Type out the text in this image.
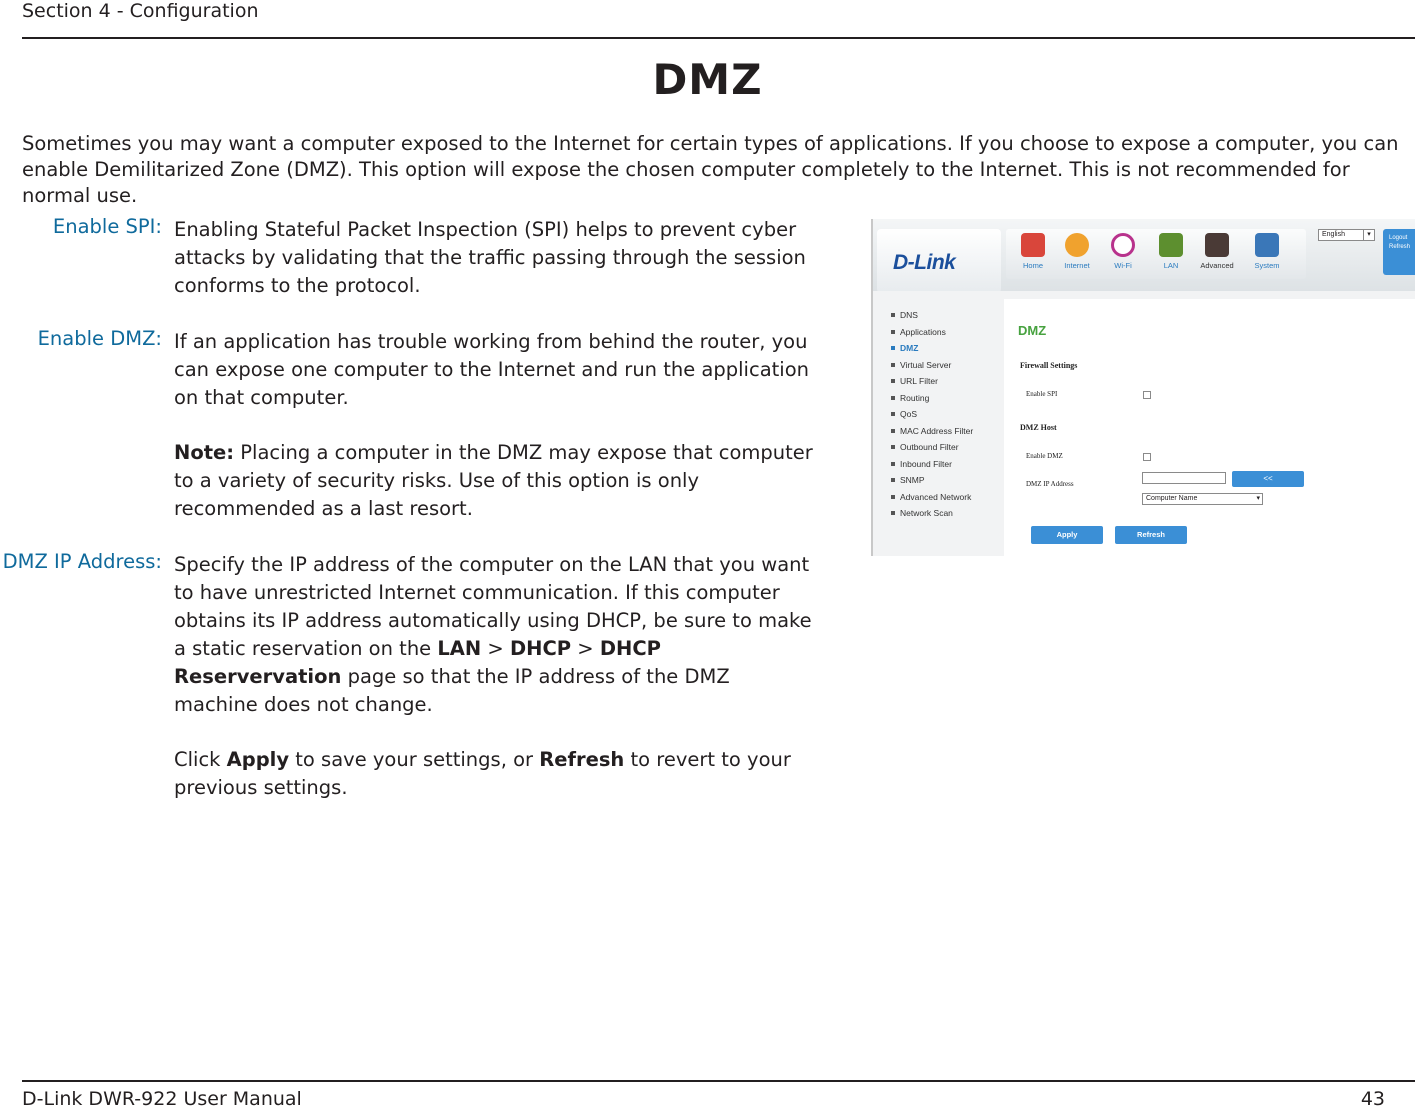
Section 4 - Configuration
DMZ
Sometimes you may want a computer exposed to the Internet for certain types of applications. If you choose to expose a computer, you can enable Demilitarized Zone (DMZ). This option will expose the chosen computer completely to the Internet. This is not recommended for normal use.
Enable SPI: Enabling Stateful Packet Inspection (SPI) helps to prevent cyber attacks by validating that the traffic passing through the session conforms to the protocol.

Enable DMZ: If an application has trouble working from behind the router, you can expose one computer to the Internet and run the application on that computer.

Note: Placing a computer in the DMZ may expose that computer to a variety of security risks. Use of this option is only recommended as a last resort.

DMZ IP Address: Specify the IP address of the computer on the LAN that you want to have unrestricted Internet communication. If this computer obtains its IP address automatically using DHCP, be sure to make a static reservation on the LAN > DHCP > DHCP Reservervation page so that the IP address of the DMZ machine does not change.

Click Apply to save your settings, or Refresh to revert to your previous settings.

D-Link	Home	Internet	Wi-Fi	LAN	Advanced	System
English	▾	Logout
Refresh
DNS
Applications
DMZ
Virtual Server
URL Filter
Routing
QoS
MAC Address Filter
Outbound Filter
Inbound Filter
SNMP
Advanced Network
Network Scan
DMZ
Firewall Settings
Enable SPI
DMZ Host
Enable DMZ
DMZ IP Address
<<
Computer Name	▾
Apply	Refresh
D-Link DWR-922 User Manual	43
